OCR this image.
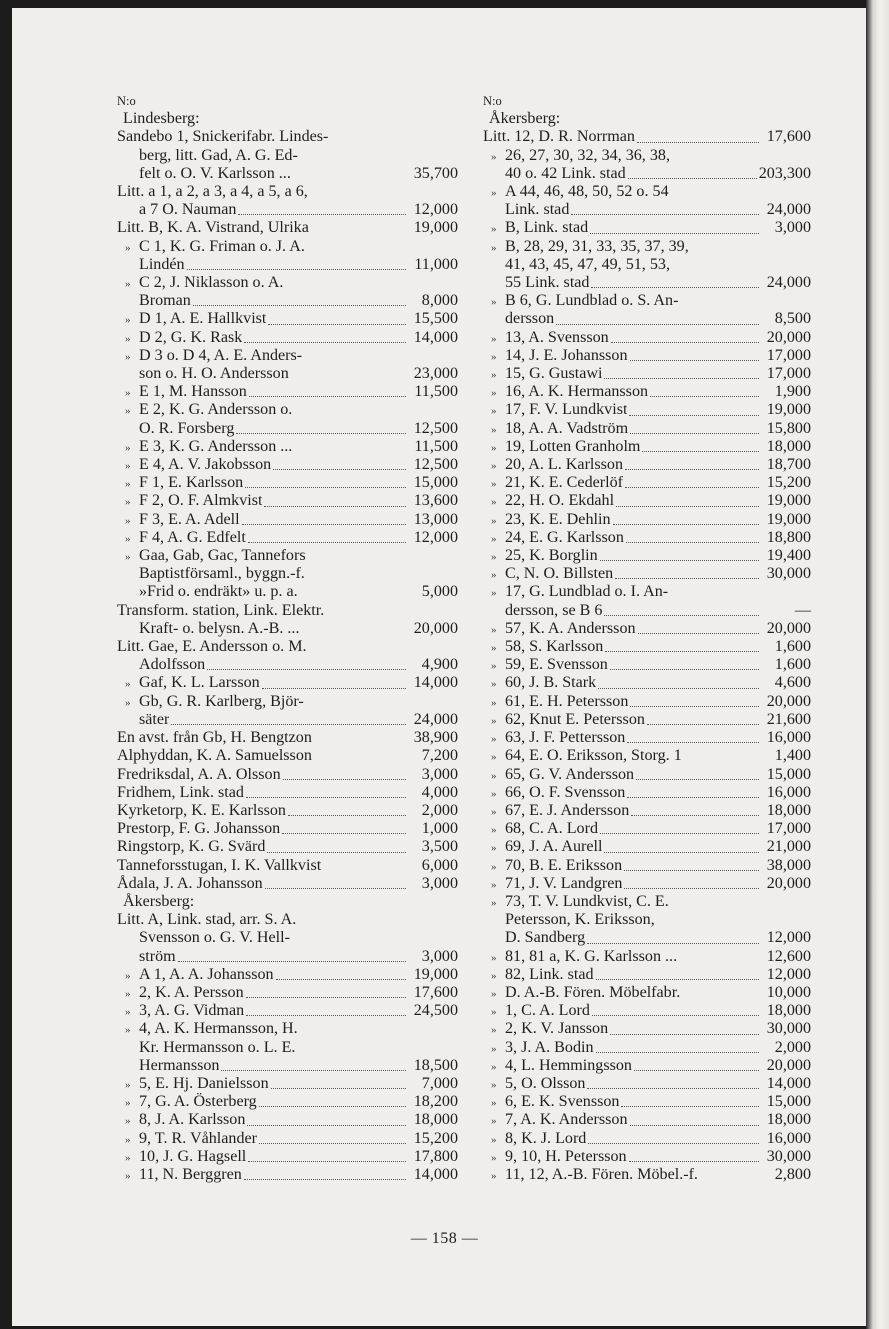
N:o
Lindesberg:
Sandebo 1, Snickerifabr. Lindes-
berg, litt. Gad, A. G. Ed-
felt o. O. V. Karlsson ...	35,700
Litt. a 1, a 2, a 3, a 4, a 5, a 6,
a 7 O. Nauman	12,000
Litt. B, K. A. Vistrand, Ulrika	19,000
» C 1, K. G. Friman o. J. A.
Lindén	11,000
» C 2, J. Niklasson o. A.
Broman	8,000
» D 1, A. E. Hallkvist	15,500
» D 2, G. K. Rask	14,000
» D 3 o. D 4, A. E. Anders-
son o. H. O. Andersson	23,000
» E 1, M. Hansson	11,500
» E 2, K. G. Andersson o.
O. R. Forsberg	12,500
» E 3, K. G. Andersson ...	11,500
» E 4, A. V. Jakobsson	12,500
» F 1, E. Karlsson	15,000
» F 2, O. F. Almkvist	13,600
» F 3, E. A. Adell	13,000
» F 4, A. G. Edfelt	12,000
» Gaa, Gab, Gac, Tannefors
Baptistförsaml., byggn.-f.
»Frid o. endräkt» u. p. a.	5,000
Transform. station, Link. Elektr.
Kraft- o. belysn. A.-B. ...	20,000
Litt. Gae, E. Andersson o. M.
Adolfsson	4,900
» Gaf, K. L. Larsson	14,000
» Gb, G. R. Karlberg, Björ-
säter	24,000
En avst. från Gb, H. Bengtzon	38,900
Alphyddan, K. A. Samuelsson	7,200
Fredriksdal, A. A. Olsson	3,000
Fridhem, Link. stad	4,000
Kyrketorp, K. E. Karlsson	2,000
Prestorp, F. G. Johansson	1,000
Ringstorp, K. G. Svärd	3,500
Tanneforsstugan, I. K. Vallkvist	6,000
Ådala, J. A. Johansson	3,000
Åkersberg:
Litt. A, Link. stad, arr. S. A.
Svensson o. G. V. Hell-
ström	3,000
» A 1, A. A. Johansson	19,000
» 2, K. A. Persson	17,600
» 3, A. G. Vidman	24,500
» 4, A. K. Hermansson, H.
Kr. Hermansson o. L. E.
Hermansson	18,500
» 5, E. Hj. Danielsson	7,000
» 7, G. A. Österberg	18,200
» 8, J. A. Karlsson	18,000
» 9, T. R. Våhlander	15,200
» 10, J. G. Hagsell	17,800
» 11, N. Berggren	14,000
N:o
Åkersberg:
Litt. 12, D. R. Norrman	17,600
» 26, 27, 30, 32, 34, 36, 38,
40 o. 42 Link. stad	203,300
» A 44, 46, 48, 50, 52 o. 54
Link. stad	24,000
» B, Link. stad	3,000
» B, 28, 29, 31, 33, 35, 37, 39,
41, 43, 45, 47, 49, 51, 53,
55 Link. stad	24,000
» B 6, G. Lundblad o. S. An-
dersson	8,500
» 13, A. Svensson	20,000
» 14, J. E. Johansson	17,000
» 15, G. Gustawi	17,000
» 16, A. K. Hermansson	1,900
» 17, F. V. Lundkvist	19,000
» 18, A. A. Vadström	15,800
» 19, Lotten Granholm	18,000
» 20, A. L. Karlsson	18,700
» 21, K. E. Cederlöf	15,200
» 22, H. O. Ekdahl	19,000
» 23, K. E. Dehlin	19,000
» 24, E. G. Karlsson	18,800
» 25, K. Borglin	19,400
» C, N. O. Billsten	30,000
» 17, G. Lundblad o. I. An-
dersson, se B 6	—
» 57, K. A. Andersson	20,000
» 58, S. Karlsson	1,600
» 59, E. Svensson	1,600
» 60, J. B. Stark	4,600
» 61, E. H. Petersson	20,000
» 62, Knut E. Petersson	21,600
» 63, J. F. Pettersson	16,000
» 64, E. O. Eriksson, Storg. 1	1,400
» 65, G. V. Andersson	15,000
» 66, O. F. Svensson	16,000
» 67, E. J. Andersson	18,000
» 68, C. A. Lord	17,000
» 69, J. A. Aurell	21,000
» 70, B. E. Eriksson	38,000
» 71, J. V. Landgren	20,000
» 73, T. V. Lundkvist, C. E.
Petersson, K. Eriksson,
D. Sandberg	12,000
» 81, 81 a, K. G. Karlsson ...	12,600
» 82, Link. stad	12,000
» D. A.-B. Fören. Möbelfabr.	10,000
» 1, C. A. Lord	18,000
» 2, K. V. Jansson	30,000
» 3, J. A. Bodin	2,000
» 4, L. Hemmingsson	20,000
» 5, O. Olsson	14,000
» 6, E. K. Svensson	15,000
» 7, A. K. Andersson	18,000
» 8, K. J. Lord	16,000
» 9, 10, H. Petersson	30,000
» 11, 12, A.-B. Fören. Möbel.-f.	2,800
— 158 —
